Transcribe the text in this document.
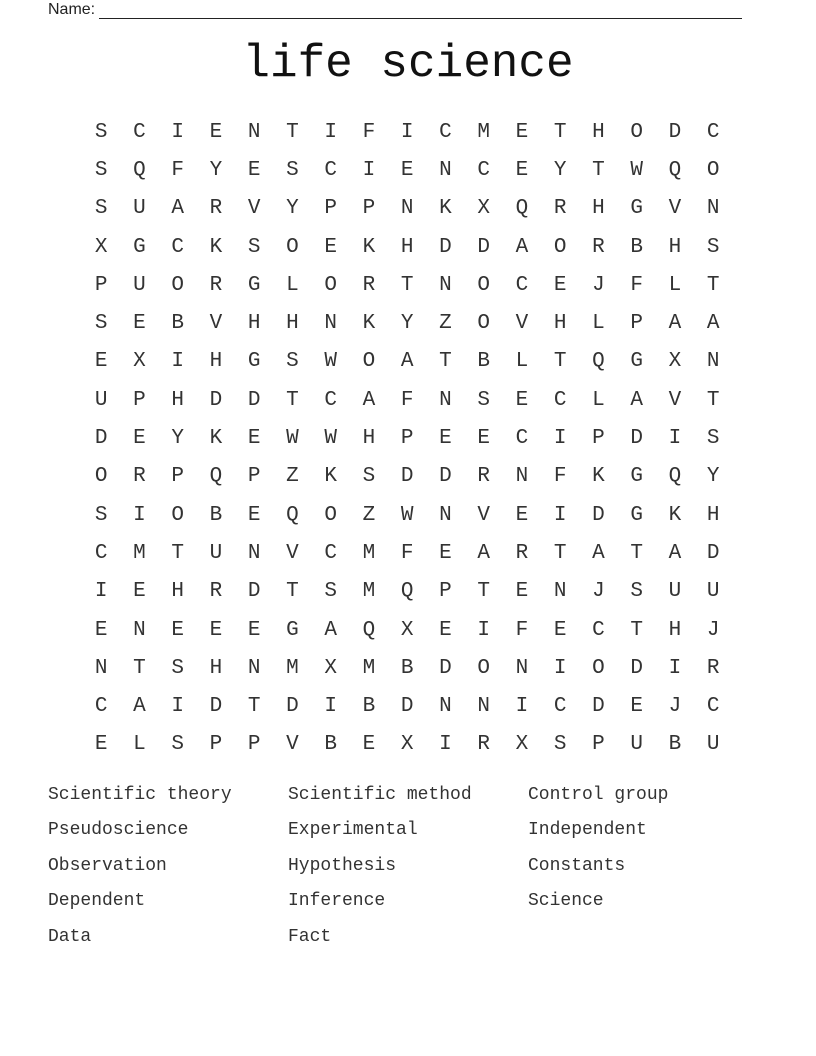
Name:
life science
S	C	I	E	N	T	I	F	I	C	M	E	T	H	O	D	C
S	Q	F	Y	E	S	C	I	E	N	C	E	Y	T	W	Q	O
S	U	A	R	V	Y	P	P	N	K	X	Q	R	H	G	V	N
X	G	C	K	S	O	E	K	H	D	D	A	O	R	B	H	S
P	U	O	R	G	L	O	R	T	N	O	C	E	J	F	L	T
S	E	B	V	H	H	N	K	Y	Z	O	V	H	L	P	A	A
E	X	I	H	G	S	W	O	A	T	B	L	T	Q	G	X	N
U	P	H	D	D	T	C	A	F	N	S	E	C	L	A	V	T
D	E	Y	K	E	W	W	H	P	E	E	C	I	P	D	I	S
O	R	P	Q	P	Z	K	S	D	D	R	N	F	K	G	Q	Y
S	I	O	B	E	Q	O	Z	W	N	V	E	I	D	G	K	H
C	M	T	U	N	V	C	M	F	E	A	R	T	A	T	A	D
I	E	H	R	D	T	S	M	Q	P	T	E	N	J	S	U	U
E	N	E	E	E	G	A	Q	X	E	I	F	E	C	T	H	J
N	T	S	H	N	M	X	M	B	D	O	N	I	O	D	I	R
C	A	I	D	T	D	I	B	D	N	N	I	C	D	E	J	C
E	L	S	P	P	V	B	E	X	I	R	X	S	P	U	B	U
Scientific theory	Scientific method	Control group
Pseudoscience	Experimental	Independent
Observation	Hypothesis	Constants
Dependent	Inference	Science
Data	Fact
